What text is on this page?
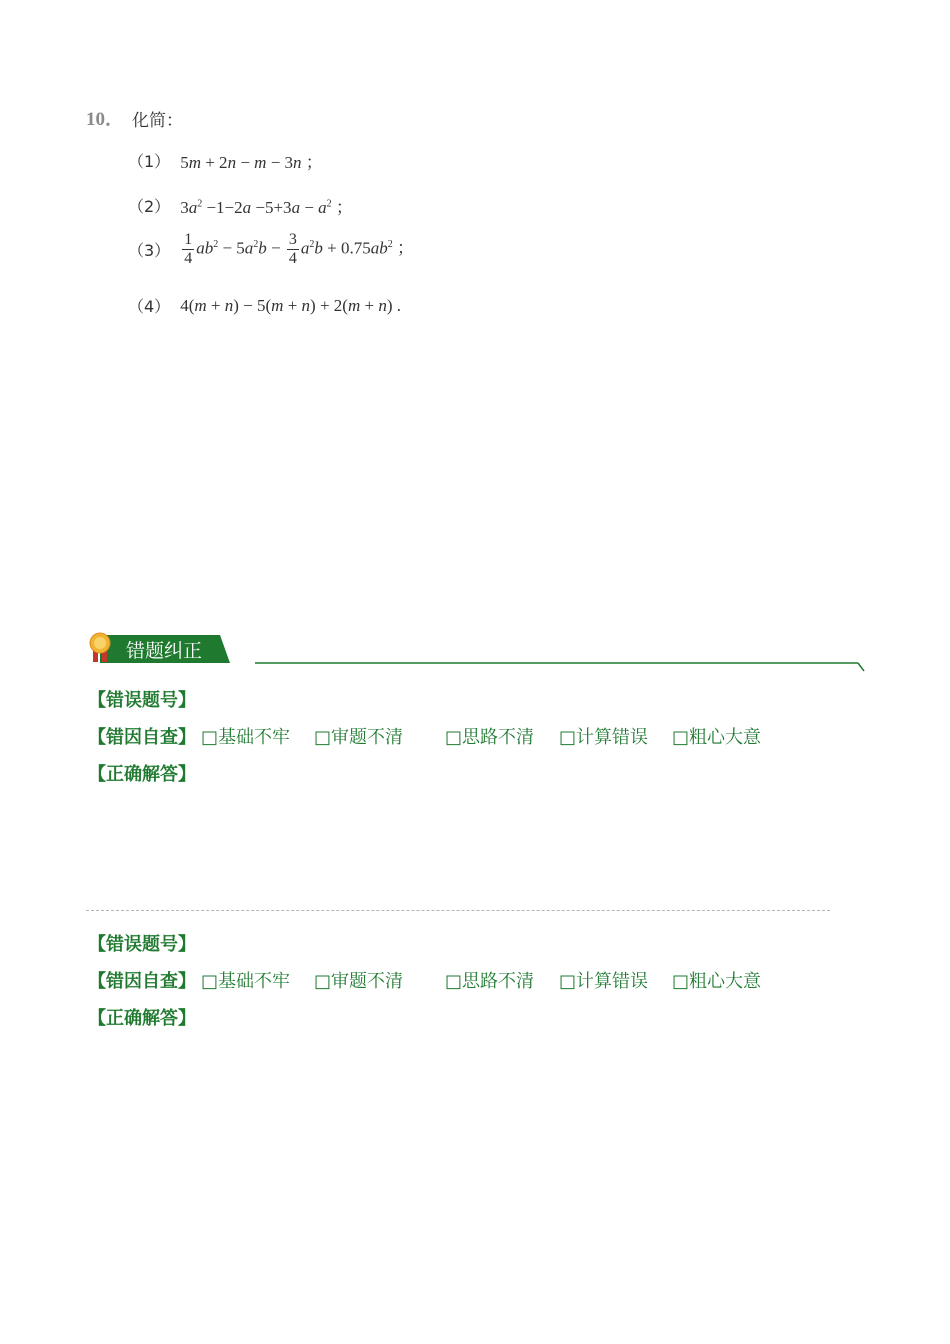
10． 化简：
（1） 5m + 2n − m − 3n ；
（2） $3a^2 -1-2a -5+3a - a^2$ ；
$(3) \frac{1}{4} ab^2 - 5a^2b - \frac{3}{4} a^2b + 0.75ab^2$ ；
（4） 4(m + n) − 5(m + n) + 2(m + n) .
错题纠正
【错误题号】
【错因自查】 □基础不牢 □审题不清 □思路不清 □计算错误 □粗心大意
【正确解答】
【错误题号】
【错因自查】 □基础不牢 □审题不清 □思路不清 □计算错误 □粗心大意
【正确解答】
